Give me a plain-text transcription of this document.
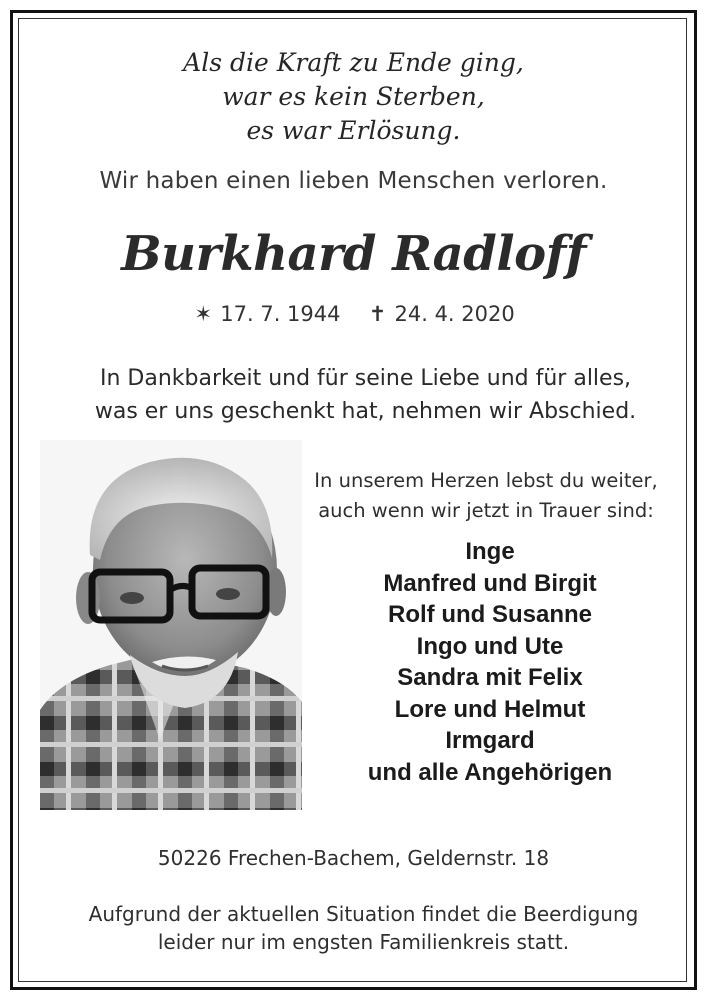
Als die Kraft zu Ende ging,
war es kein Sterben,
es war Erlösung.
Wir haben einen lieben Menschen verloren.
Burkhard Radloff
✶ 17. 7. 1944 ✝ 24. 4. 2020
In Dankbarkeit und für seine Liebe und für alles,
was er uns geschenkt hat, nehmen wir Abschied.
In unserem Herzen lebst du weiter,
auch wenn wir jetzt in Trauer sind:
Inge
Manfred und Birgit
Rolf und Susanne
Ingo und Ute
Sandra mit Felix
Lore und Helmut
Irmgard
und alle Angehörigen
50226 Frechen-Bachem, Geldernstr. 18
Aufgrund der aktuellen Situation findet die Beerdigung
leider nur im engsten Familienkreis statt.
